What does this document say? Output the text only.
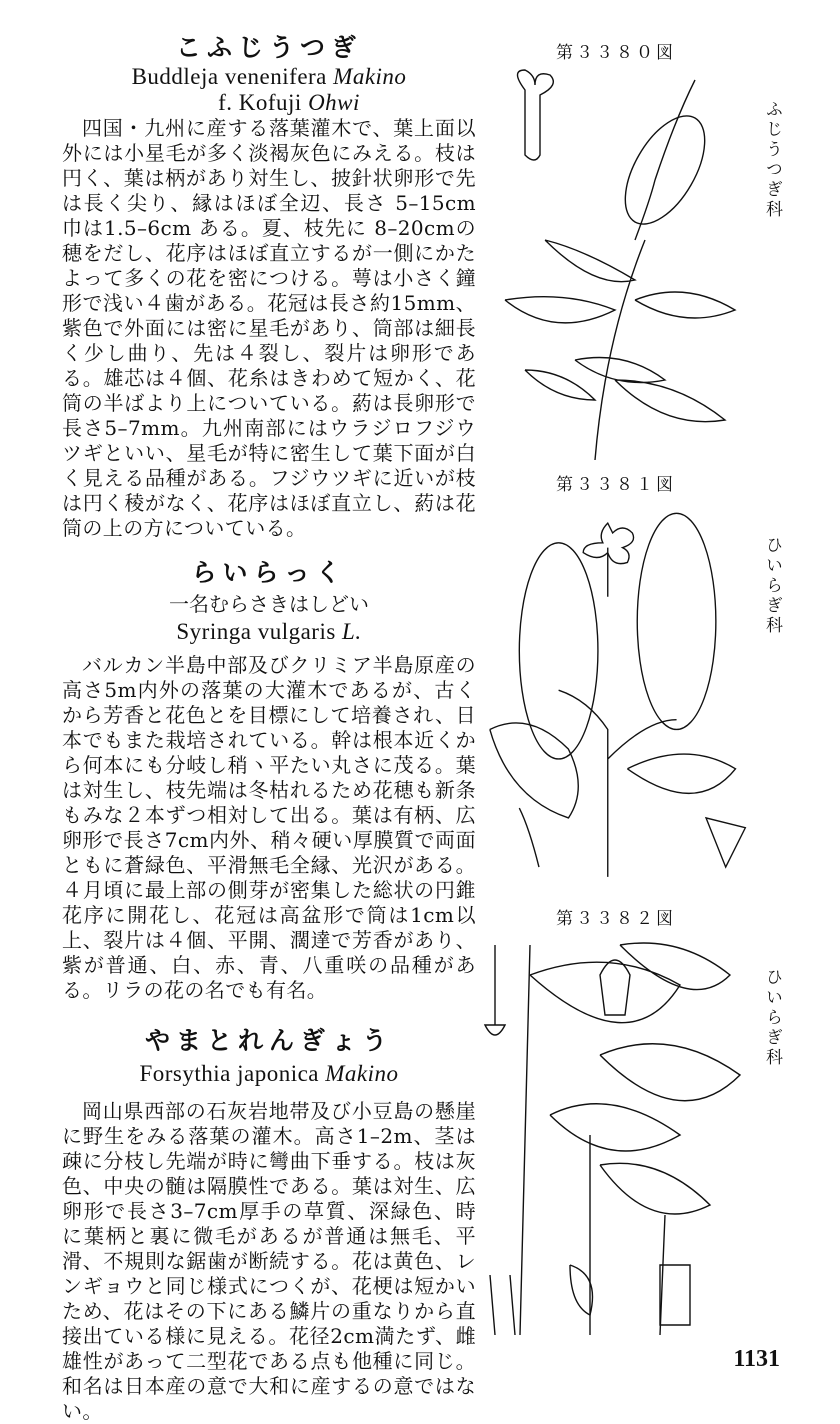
こふじうつぎ
Buddleja venenifera Makino
f. Kofuji Ohwi
四国・九州に産する落葉灌木で、葉上面以外には小星毛が多く淡褐灰色にみえる。枝は円く、葉は柄があり対生し、披針状卵形で先は長く尖り、縁はほぼ全辺、長さ 5–15cm 巾は1.5–6cm ある。夏、枝先に 8–20cmの穂をだし、花序はほぼ直立するが一側にかたよって多くの花を密につける。萼は小さく鐘形で浅い４歯がある。花冠は長さ約15mm、紫色で外面には密に星毛があり、筒部は細長く少し曲り、先は４裂し、裂片は卵形である。雄芯は４個、花糸はきわめて短かく、花筒の半ばより上についている。葯は長卵形で長さ5–7mm。九州南部にはウラジロフジウツギといい、星毛が特に密生して葉下面が白く見える品種がある。フジウツギに近いが枝は円く稜がなく、花序はほぼ直立し、葯は花筒の上の方についている。
らいらっく
一名むらさきはしどい
Syringa vulgaris L.
バルカン半島中部及びクリミア半島原産の高さ5m内外の落葉の大灌木であるが、古くから芳香と花色とを目標にして培養され、日本でもまた栽培されている。幹は根本近くから何本にも分岐し稍ヽ平たい丸さに茂る。葉は対生し、枝先端は冬枯れるため花穂も新条もみな２本ずつ相対して出る。葉は有柄、広卵形で長さ7cm内外、稍々硬い厚膜質で両面ともに蒼緑色、平滑無毛全縁、光沢がある。４月頃に最上部の側芽が密集した総状の円錐花序に開花し、花冠は高盆形で筒は1cm以上、裂片は４個、平開、濶達で芳香があり、紫が普通、白、赤、青、八重咲の品種がある。リラの花の名でも有名。
やまとれんぎょう
Forsythia japonica Makino
岡山県西部の石灰岩地帯及び小豆島の懸崖に野生をみる落葉の灌木。高さ1–2m、茎は疎に分枝し先端が時に彎曲下垂する。枝は灰色、中央の髄は隔膜性である。葉は対生、広卵形で長さ3–7cm厚手の草質、深緑色、時に葉柄と裏に微毛があるが普通は無毛、平滑、不規則な鋸歯が断続する。花は黄色、レンギョウと同じ様式につくが、花梗は短かいため、花はその下にある鱗片の重なりから直接出ている様に見える。花径2cm満たず、雌雄性があって二型花である点も他種に同じ。和名は日本産の意で大和に産するの意ではない。
第３３８０図
ふじうつぎ科
第３３８１図
ひいらぎ科
第３３８２図
ひいらぎ科
1131
